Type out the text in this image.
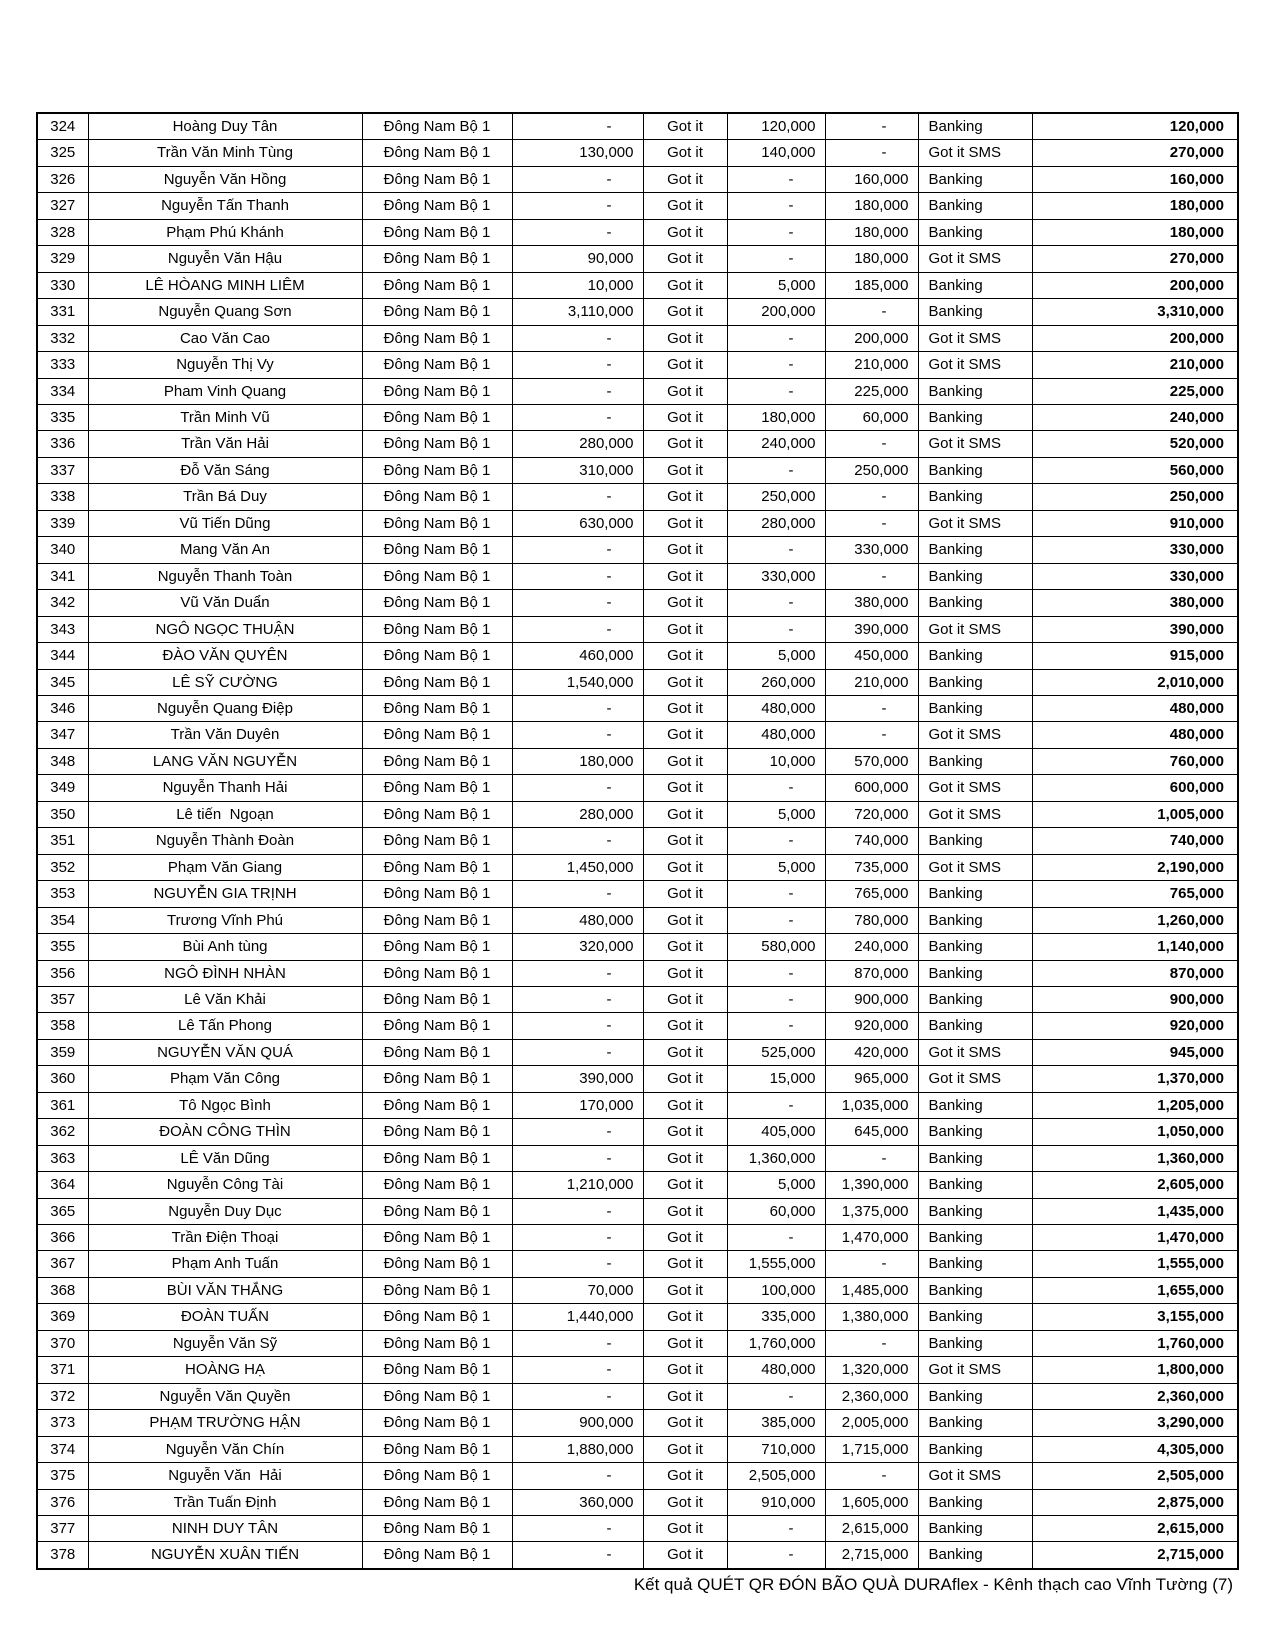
324	Hoàng Duy Tân	Đông Nam Bộ 1	-	Got it	120,000	-	Banking	120,000
325	Trần Văn Minh Tùng	Đông Nam Bộ 1	130,000	Got it	140,000	-	Got it SMS	270,000
326	Nguyễn Văn Hồng	Đông Nam Bộ 1	-	Got it	-	160,000	Banking	160,000
327	Nguyễn Tấn Thanh	Đông Nam Bộ 1	-	Got it	-	180,000	Banking	180,000
328	Phạm Phú Khánh	Đông Nam Bộ 1	-	Got it	-	180,000	Banking	180,000
329	Nguyễn Văn Hậu	Đông Nam Bộ 1	90,000	Got it	-	180,000	Got it SMS	270,000
330	LÊ HÒANG MINH LIÊM	Đông Nam Bộ 1	10,000	Got it	5,000	185,000	Banking	200,000
331	Nguyễn Quang Sơn	Đông Nam Bộ 1	3,110,000	Got it	200,000	-	Banking	3,310,000
332	Cao Văn Cao	Đông Nam Bộ 1	-	Got it	-	200,000	Got it SMS	200,000
333	Nguyễn Thị Vy	Đông Nam Bộ 1	-	Got it	-	210,000	Got it SMS	210,000
334	Pham Vinh Quang	Đông Nam Bộ 1	-	Got it	-	225,000	Banking	225,000
335	Trần Minh Vũ	Đông Nam Bộ 1	-	Got it	180,000	60,000	Banking	240,000
336	Trần Văn Hải	Đông Nam Bộ 1	280,000	Got it	240,000	-	Got it SMS	520,000
337	Đỗ Văn Sáng	Đông Nam Bộ 1	310,000	Got it	-	250,000	Banking	560,000
338	Trần Bá Duy	Đông Nam Bộ 1	-	Got it	250,000	-	Banking	250,000
339	Vũ Tiến Dũng	Đông Nam Bộ 1	630,000	Got it	280,000	-	Got it SMS	910,000
340	Mang Văn An	Đông Nam Bộ 1	-	Got it	-	330,000	Banking	330,000
341	Nguyễn Thanh Toàn	Đông Nam Bộ 1	-	Got it	330,000	-	Banking	330,000
342	Vũ Văn Duẩn	Đông Nam Bộ 1	-	Got it	-	380,000	Banking	380,000
343	NGÔ NGỌC THUẬN	Đông Nam Bộ 1	-	Got it	-	390,000	Got it SMS	390,000
344	ĐÀO VĂN QUYÊN	Đông Nam Bộ 1	460,000	Got it	5,000	450,000	Banking	915,000
345	LÊ SỸ CƯỜNG	Đông Nam Bộ 1	1,540,000	Got it	260,000	210,000	Banking	2,010,000
346	Nguyễn Quang Điệp	Đông Nam Bộ 1	-	Got it	480,000	-	Banking	480,000
347	Trần Văn Duyên	Đông Nam Bộ 1	-	Got it	480,000	-	Got it SMS	480,000
348	LANG VĂN NGUYỄN	Đông Nam Bộ 1	180,000	Got it	10,000	570,000	Banking	760,000
349	Nguyễn Thanh Hải	Đông Nam Bộ 1	-	Got it	-	600,000	Got it SMS	600,000
350	Lê tiến  Ngoạn	Đông Nam Bộ 1	280,000	Got it	5,000	720,000	Got it SMS	1,005,000
351	Nguyễn Thành Đoàn	Đông Nam Bộ 1	-	Got it	-	740,000	Banking	740,000
352	Phạm Văn Giang	Đông Nam Bộ 1	1,450,000	Got it	5,000	735,000	Got it SMS	2,190,000
353	NGUYỄN GIA TRỊNH	Đông Nam Bộ 1	-	Got it	-	765,000	Banking	765,000
354	Trương Vĩnh Phú	Đông Nam Bộ 1	480,000	Got it	-	780,000	Banking	1,260,000
355	Bùi Anh tùng	Đông Nam Bộ 1	320,000	Got it	580,000	240,000	Banking	1,140,000
356	NGÔ ĐÌNH NHÀN	Đông Nam Bộ 1	-	Got it	-	870,000	Banking	870,000
357	Lê Văn Khải	Đông Nam Bộ 1	-	Got it	-	900,000	Banking	900,000
358	Lê Tấn Phong	Đông Nam Bộ 1	-	Got it	-	920,000	Banking	920,000
359	NGUYỄN VĂN QUÁ	Đông Nam Bộ 1	-	Got it	525,000	420,000	Got it SMS	945,000
360	Phạm Văn Công	Đông Nam Bộ 1	390,000	Got it	15,000	965,000	Got it SMS	1,370,000
361	Tô Ngọc Bình	Đông Nam Bộ 1	170,000	Got it	-	1,035,000	Banking	1,205,000
362	ĐOÀN CÔNG THÌN	Đông Nam Bộ 1	-	Got it	405,000	645,000	Banking	1,050,000
363	LÊ Văn Dũng	Đông Nam Bộ 1	-	Got it	1,360,000	-	Banking	1,360,000
364	Nguyễn Công Tài	Đông Nam Bộ 1	1,210,000	Got it	5,000	1,390,000	Banking	2,605,000
365	Nguyễn Duy Dục	Đông Nam Bộ 1	-	Got it	60,000	1,375,000	Banking	1,435,000
366	Trần Điện Thoại	Đông Nam Bộ 1	-	Got it	-	1,470,000	Banking	1,470,000
367	Phạm Anh Tuấn	Đông Nam Bộ 1	-	Got it	1,555,000	-	Banking	1,555,000
368	BÙI VĂN THẮNG	Đông Nam Bộ 1	70,000	Got it	100,000	1,485,000	Banking	1,655,000
369	ĐOÀN TUẤN	Đông Nam Bộ 1	1,440,000	Got it	335,000	1,380,000	Banking	3,155,000
370	Nguyễn Văn Sỹ	Đông Nam Bộ 1	-	Got it	1,760,000	-	Banking	1,760,000
371	HOÀNG HẠ	Đông Nam Bộ 1	-	Got it	480,000	1,320,000	Got it SMS	1,800,000
372	Nguyễn Văn Quyền	Đông Nam Bộ 1	-	Got it	-	2,360,000	Banking	2,360,000
373	PHẠM TRƯỜNG HẬN	Đông Nam Bộ 1	900,000	Got it	385,000	2,005,000	Banking	3,290,000
374	Nguyễn Văn Chín	Đông Nam Bộ 1	1,880,000	Got it	710,000	1,715,000	Banking	4,305,000
375	Nguyễn Văn  Hải	Đông Nam Bộ 1	-	Got it	2,505,000	-	Got it SMS	2,505,000
376	Trần Tuấn Định	Đông Nam Bộ 1	360,000	Got it	910,000	1,605,000	Banking	2,875,000
377	NINH DUY TÂN	Đông Nam Bộ 1	-	Got it	-	2,615,000	Banking	2,615,000
378	NGUYỄN XUÂN TIẾN	Đông Nam Bộ 1	-	Got it	-	2,715,000	Banking	2,715,000
Kết quả QUÉT QR ĐÓN BÃO QUÀ DURAflex - Kênh thạch cao Vĩnh Tường (7)
